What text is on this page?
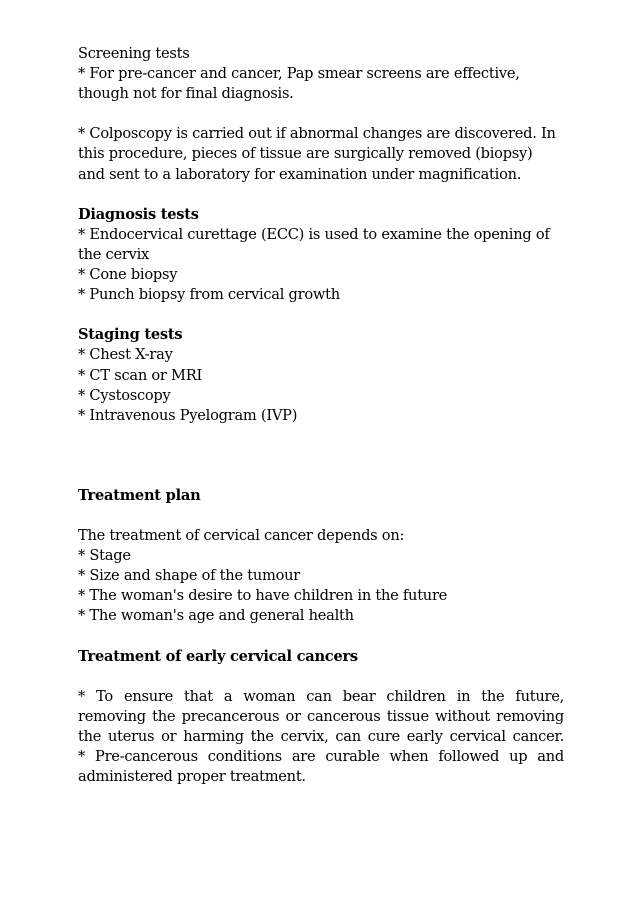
Screening tests
* For pre-cancer and cancer, Pap smear screens are effective,
though not for final diagnosis.
* Colposcopy is carried out if abnormal changes are discovered. In
this procedure, pieces of tissue are surgically removed (biopsy)
and sent to a laboratory for examination under magnification.
Diagnosis tests
* Endocervical curettage (ECC) is used to examine the opening of
the cervix
* Cone biopsy
* Punch biopsy from cervical growth
Staging tests
* Chest X-ray
* CT scan or MRI
* Cystoscopy
* Intravenous Pyelogram (IVP)
Treatment plan
The treatment of cervical cancer depends on:
* Stage
* Size and shape of the tumour
* The woman's desire to have children in the future
* The woman's age and general health
Treatment of early cervical cancers
* To ensure that a woman can bear children in the future,
removing the precancerous or cancerous tissue without removing
the uterus or harming the cervix, can cure early cervical cancer.
* Pre-cancerous conditions are curable when followed up and
administered proper treatment.
